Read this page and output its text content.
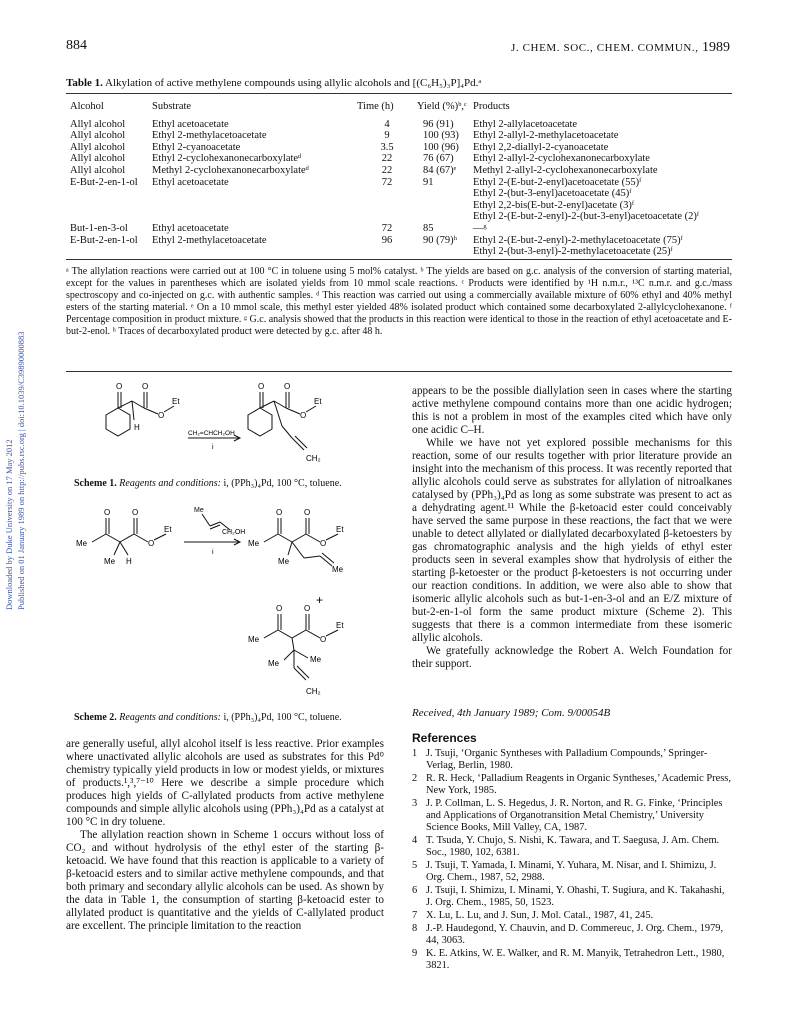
Downloaded by Duke University on 17 May 2012 Published on 01 January 1989 on http://pubs.rsc.org | doi:10.1039/C39890000883
884	J. CHEM. SOC., CHEM. COMMUN., 1989
Table 1. Alkylation of active methylene compounds using allylic alcohols and [(C₆H₅)₃P]₄Pd.ᵃ
Alcohol	Substrate	Time (h)	Yield (%)ᵇ,ᶜ	Products
Allyl alcohol	Ethyl acetoacetate	4	96 (91)	Ethyl 2-allylacetoacetate
Allyl alcohol	Ethyl 2-methylacetoacetate	9	100 (93)	Ethyl 2-allyl-2-methylacetoacetate
Allyl alcohol	Ethyl 2-cyanoacetate	3.5	100 (96)	Ethyl 2,2-diallyl-2-cyanoacetate
Allyl alcohol	Ethyl 2-cyclohexanonecarboxylateᵈ	22	76 (67)	Ethyl 2-allyl-2-cyclohexanonecarboxylate
Allyl alcohol	Methyl 2-cyclohexanonecarboxylateᵈ	22	84 (67)ᵉ	Methyl 2-allyl-2-cyclohexanonecarboxylate
E-But-2-en-1-ol	Ethyl acetoacetate	72	91	Ethyl 2-(E-but-2-enyl)acetoacetate (55)ᶠ
				Ethyl 2-(but-3-enyl)acetoacetate (45)ᶠ
				Ethyl 2,2-bis(E-but-2-enyl)acetate (3)ᶠ
				Ethyl 2-(E-but-2-enyl)-2-(but-3-enyl)acetoacetate (2)ᶠ
But-1-en-3-ol	Ethyl acetoacetate	72	85	—ᵍ
E-But-2-en-1-ol	Ethyl 2-methylacetoacetate	96	90 (79)ʰ	Ethyl 2-(E-but-2-enyl)-2-methylacetoacetate (75)ᶠ
				Ethyl 2-(but-3-enyl)-2-methylacetoacetate (25)ᶠ
ᵃ The allylation reactions were carried out at 100 °C in toluene using 5 mol% catalyst. ᵇ The yields are based on g.c. analysis of the conversion of starting material, except for the values in parentheses which are isolated yields from 10 mmol scale reactions. ᶜ Products were identified by ¹H n.m.r., ¹³C n.m.r. and g.c./mass spectroscopy and co-injected on g.c. with authentic samples. ᵈ This reaction was carried out using a commercially available mixture of 60% ethyl and 40% methyl esters of the starting material. ᵉ On a 10 mmol scale, this methyl ester yielded 48% isolated product which contained some decarboxylated 2-allylcyclohexanone. ᶠ Percentage composition in product mixture. ᵍ G.c. analysis showed that the products in this reaction were identical to those in the reaction of ethyl acetoacetate and E-but-2-enol. ʰ Traces of decarboxylated product were detected by g.c. after 48 h.
O O
O
Et
H
CH₂=CHCH₂OH
i
O O
O
Et
CH₂
Scheme 1. Reagents and conditions: i, (PPh₃)₄Pd, 100 °C, toluene.
Me
O	O
O
Et
Me H
Me
CH₂OH
i
Me
O	O
O
Et
Me
Me
+
Me
O	O
O
Et
Me	Me
CH₂
Scheme 2. Reagents and conditions: i, (PPh₃)₄Pd, 100 °C, toluene.

are generally useful, allyl alcohol itself is less reactive. Prior examples where unactivated allylic alcohols are used as substrates for this Pd⁰ chemistry typically yield products in low or modest yields, or mixtures of products.¹,³,⁷⁻¹⁰ Here we describe a simple procedure which produces high yields of C-allylated products from active methylene compounds and simple allylic alcohols using (PPh₃)₄Pd as a catalyst at 100 °C in dry toluene.

The allylation reaction shown in Scheme 1 occurs without loss of CO₂ and without hydrolysis of the ethyl ester of the starting β-ketoacid. We have found that this reaction is applicable to a variety of β-ketoacid esters and to similar active methylene compounds, and that both primary and secondary allylic alcohols can be used. As shown by the data in Table 1, the consumption of starting β-ketoacid ester to allylated product is quantitative and the yields of C-allylated product are excellent. The principle limitation to the reaction

appears to be the possible diallylation seen in cases where the starting active methylene compound contains more than one acidic hydrogen; this is not a problem in most of the examples cited which have only one acidic C–H.

While we have not yet explored possible mechanisms for this reaction, some of our results together with prior literature provide an insight into the mechanism of this process. It was recently reported that allylic alcohols could serve as substrates for allylation of nitroalkanes catalysed by (PPh₃)₄Pd as long as some substrate was present to act as a dehydrating agent.¹¹ While the β-ketoacid ester could conceivably have served the same purpose in these reactions, the fact that we were unable to detect allylated or diallylated decarboxylated β-ketoesters by gas chromatographic analysis and the high yields of ethyl ester products seen in several examples show that hydrolysis of either the starting β-ketoester or the product β-ketoesters is not occurring under our reaction conditions. In addition, we were also able to show that isomeric allylic alcohols such as but-1-en-3-ol and an E/Z mixture of but-2-en-1-ol form the same product mixture (Scheme 2). This suggests that there is a common intermediate from these isomeric allylic alcohols.

We gratefully acknowledge the Robert A. Welch Foundation for their support.

Received, 4th January 1989; Com. 9/00054B
References
1 J. Tsuji, ‘Organic Syntheses with Palladium Compounds,’ Springer-Verlag, Berlin, 1980.
2 R. R. Heck, ‘Palladium Reagents in Organic Syntheses,’ Academic Press, New York, 1985.
3 J. P. Collman, L. S. Hegedus, J. R. Norton, and R. G. Finke, ‘Principles and Applications of Organotransition Metal Chemistry,’ University Science Books, Mill Valley, CA, 1987.
4 T. Tsuda, Y. Chujo, S. Nishi, K. Tawara, and T. Saegusa, J. Am. Chem. Soc., 1980, 102, 6381.
5 J. Tsuji, T. Yamada, I. Minami, Y. Yuhara, M. Nisar, and I. Shimizu, J. Org. Chem., 1987, 52, 2988.
6 J. Tsuji, I. Shimizu, I. Minami, Y. Ohashi, T. Sugiura, and K. Takahashi, J. Org. Chem., 1985, 50, 1523.
7 X. Lu, L. Lu, and J. Sun, J. Mol. Catal., 1987, 41, 245.
8 J.-P. Haudegond, Y. Chauvin, and D. Commereuc, J. Org. Chem., 1979, 44, 3063.
9 K. E. Atkins, W. E. Walker, and R. M. Manyik, Tetrahedron Lett., 1980, 3821.
